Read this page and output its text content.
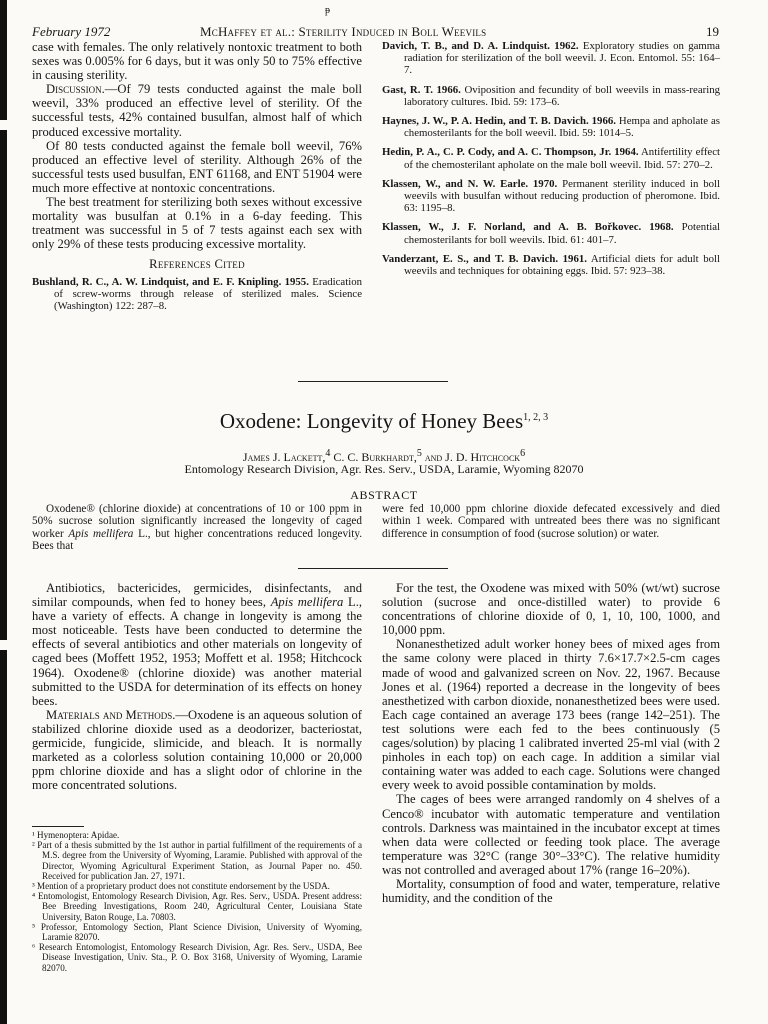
ᵽ
February 1972	McHaffey et al.: Sterility Induced in Boll Weevils	19

case with females. The only relatively nontoxic treatment to both sexes was 0.005% for 6 days, but it was only 50 to 75% effective in causing sterility.

Discussion.—Of 79 tests conducted against the male boll weevil, 33% produced an effective level of sterility. Of the successful tests, 42% contained busulfan, almost half of which produced excessive mortality.

Of 80 tests conducted against the female boll weevil, 76% produced an effective level of sterility. Although 26% of the successful tests used busulfan, ENT 61168, and ENT 51904 were much more effective at nontoxic concentrations.

The best treatment for sterilizing both sexes without excessive mortality was busulfan at 0.1% in a 6-day feeding. This treatment was successful in 5 of 7 tests against each sex with only 29% of these tests producing excessive mortality.

References Cited
Bushland, R. C., A. W. Lindquist, and E. F. Knipling. 1955. Eradication of screw-worms through release of sterilized males. Science (Washington) 122: 287–8.
Davich, T. B., and D. A. Lindquist. 1962. Exploratory studies on gamma radiation for sterilization of the boll weevil. J. Econ. Entomol. 55: 164–7.
Gast, R. T. 1966. Oviposition and fecundity of boll weevils in mass-rearing laboratory cultures. Ibid. 59: 173–6.
Haynes, J. W., P. A. Hedin, and T. B. Davich. 1966. Hempa and apholate as chemosterilants for the boll weevil. Ibid. 59: 1014–5.
Hedin, P. A., C. P. Cody, and A. C. Thompson, Jr. 1964. Antifertility effect of the chemosterilant apholate on the male boll weevil. Ibid. 57: 270–2.
Klassen, W., and N. W. Earle. 1970. Permanent sterility induced in boll weevils with busulfan without reducing production of pheromone. Ibid. 63: 1195–8.
Klassen, W., J. F. Norland, and A. B. Bořkovec. 1968. Potential chemosterilants for boll weevils. Ibid. 61: 401–7.
Vanderzant, E. S., and T. B. Davich. 1961. Artificial diets for adult boll weevils and techniques for obtaining eggs. Ibid. 57: 923–38.
Oxodene: Longevity of Honey Bees$^{1, 2, 3}$
James J. Lackett,$^4$ C. C. Burkhardt,$^5$ and J. D. Hitchcock$^6$
Entomology Research Division, Agr. Res. Serv., USDA, Laramie, Wyoming 82070
ABSTRACT

Oxodene® (chlorine dioxide) at concentrations of 10 or 100 ppm in 50% sucrose solution significantly increased the longevity of caged worker Apis mellifera L., but higher concentrations reduced longevity. Bees that

were fed 10,000 ppm chlorine dioxide defecated excessively and died within 1 week. Compared with untreated bees there was no significant difference in consumption of food (sucrose solution) or water.

Antibiotics, bactericides, germicides, disinfectants, and similar compounds, when fed to honey bees, Apis mellifera L., have a variety of effects. A change in longevity is among the most noticeable. Tests have been conducted to determine the effects of several antibiotics and other materials on longevity of caged bees (Moffett 1952, 1953; Moffett et al. 1958; Hitchcock 1964). Oxodene® (chlorine dioxide) was another material submitted to the USDA for determination of its effects on honey bees.

Materials and Methods.—Oxodene is an aqueous solution of stabilized chlorine dioxide used as a deodorizer, bacteriostat, germicide, fungicide, slimicide, and bleach. It is normally marketed as a colorless solution containing 10,000 or 20,000 ppm chlorine dioxide and has a slight odor of chlorine in the more concentrated solutions.

¹ Hymenoptera: Apidae.

² Part of a thesis submitted by the 1st author in partial fulfillment of the requirements of a M.S. degree from the University of Wyoming, Laramie. Published with approval of the Director, Wyoming Agricultural Experiment Station, as Journal Paper no. 450. Received for publication Jan. 27, 1971.

³ Mention of a proprietary product does not constitute endorsement by the USDA.

⁴ Entomologist, Entomology Research Division, Agr. Res. Serv., USDA. Present address: Bee Breeding Investigations, Room 240, Agricultural Center, Louisiana State University, Baton Rouge, La. 70803.

⁵ Professor, Entomology Section, Plant Science Division, University of Wyoming, Laramie 82070.

⁶ Research Entomologist, Entomology Research Division, Agr. Res. Serv., USDA, Bee Disease Investigation, Univ. Sta., P. O. Box 3168, University of Wyoming, Laramie 82070.

For the test, the Oxodene was mixed with 50% (wt/wt) sucrose solution (sucrose and once-distilled water) to provide 6 concentrations of chlorine dioxide of 0, 1, 10, 100, 1000, and 10,000 ppm.

Nonanesthetized adult worker honey bees of mixed ages from the same colony were placed in thirty 7.6×17.7×2.5-cm cages made of wood and galvanized screen on Nov. 22, 1967. Because Jones et al. (1964) reported a decrease in the longevity of bees anesthetized with carbon dioxide, nonanesthetized bees were used. Each cage contained an average 173 bees (range 142–251). The test solutions were each fed to the bees continuously (5 cages/solution) by placing 1 calibrated inverted 25-ml vial (with 2 pinholes in each top) on each cage. In addition a similar vial containing water was added to each cage. Solutions were changed every week to avoid possible contamination by molds.

The cages of bees were arranged randomly on 4 shelves of a Cenco® incubator with automatic temperature and ventilation controls. Darkness was maintained in the incubator except at times when data were collected or feeding took place. The average temperature was 32°C (range 30°–33°C). The relative humidity was not controlled and averaged about 17% (range 16–20%).

Mortality, consumption of food and water, temperature, relative humidity, and the condition of the
